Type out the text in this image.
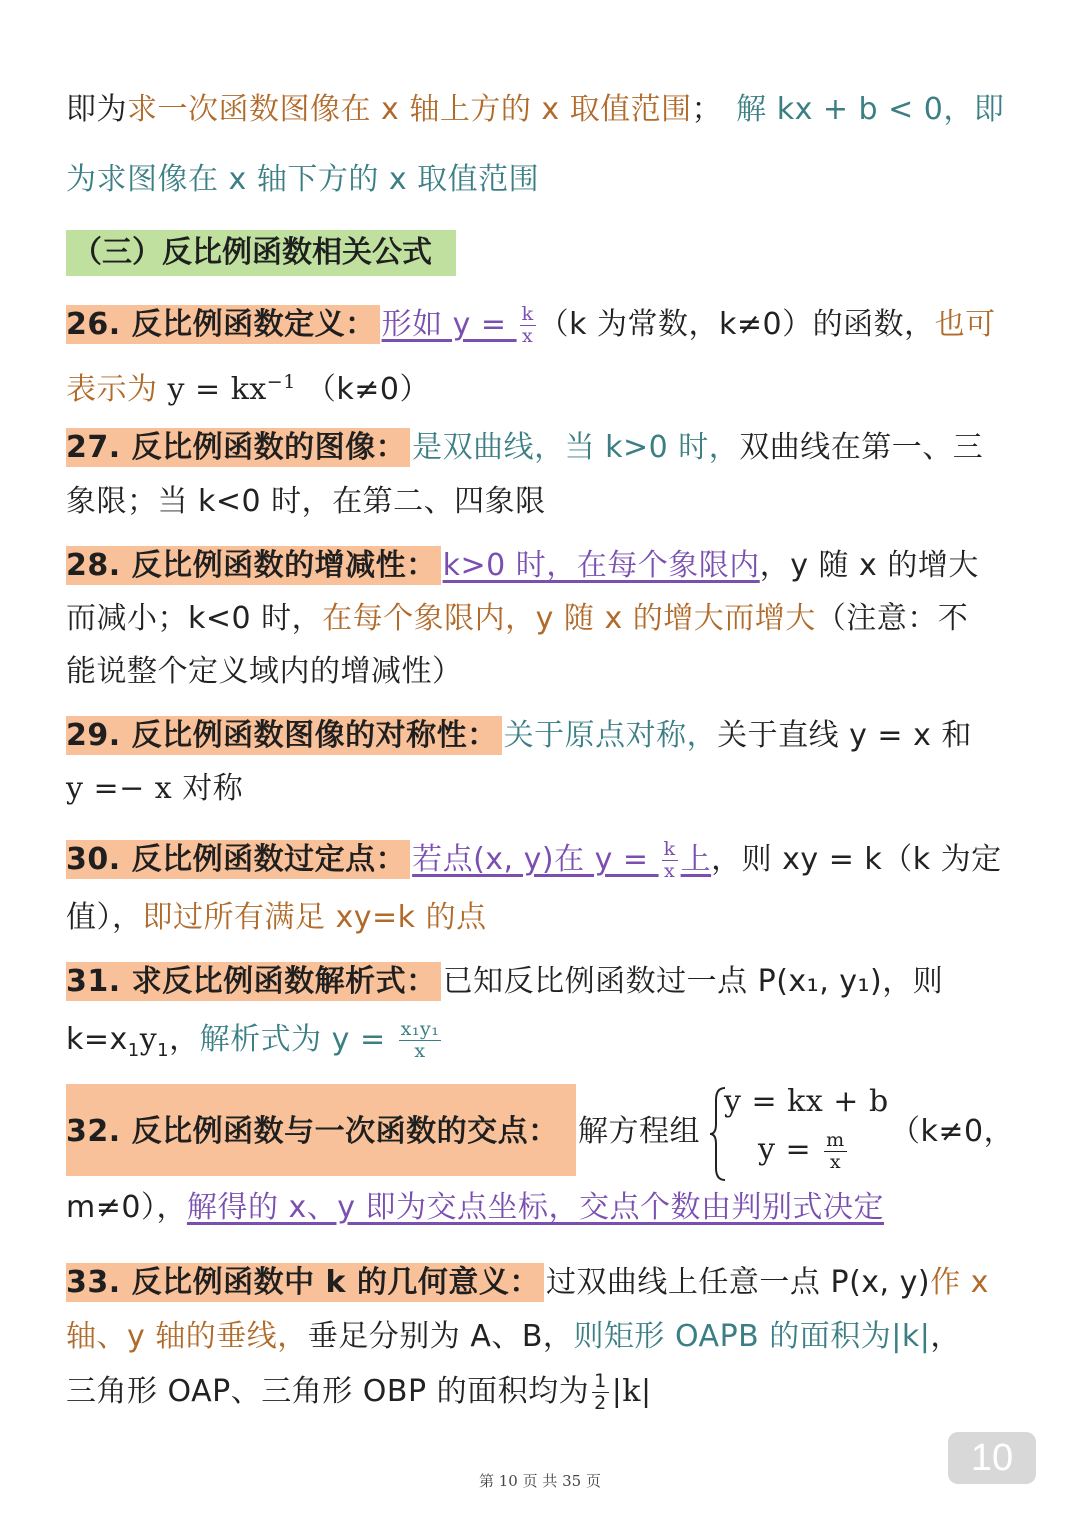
即为求一次函数图像在 x 轴上方的 x 取值范围； 解 kx + b < 0，即
为求图像在 x 轴下方的 x 取值范围
（三）反比例函数相关公式
26. 反比例函数定义： 形如 $y = \frac{k}{x} (k$ 为常数，k≠0）的函数，也可
表示为 $y = kx^{-1}$ （k≠0）
27. 反比例函数的图像： 是双曲线，当 k>0 时，双曲线在第一、三
象限；当 k<0 时，在第二、四象限
28. 反比例函数的增减性： k>0 时，在每个象限内，y 随 x 的增大
而减小；k<0 时，在每个象限内，y 随 x 的增大而增大（注意：不
能说整个定义域内的增减性）
29. 反比例函数图像的对称性： 关于原点对称，关于直线 y = x 和
y =− x 对称
30. 反比例函数过定点： 若点(x, y)在 $y = \frac{k}{x}$ 上，则 xy = k（k 为定
值），即过所有满足 xy=k 的点
31. 求反比例函数解析式： 已知反比例函数过一点 P(x₁, y₁)，则
$k=x_1y_1$，解析式为 $y = \frac{\text{x₁y₁}}{x}$
32. 反比例函数与一次函数的交点： 解方程组
y = kx + b
$y = \frac{m}{x} (k\ne 0$，
m≠0），解得的 x、y 即为交点坐标，交点个数由判别式决定
33. 反比例函数中 k 的几何意义： 过双曲线上任意一点 P(x, y)作 x
轴、y 轴的垂线，垂足分别为 A、B，则矩形 OAPB 的面积为|k|，
三角形 OAP、三角形 OBP 的面积均为 $\frac{1}{2} |k|$
10
第 10 页 共 35 页
